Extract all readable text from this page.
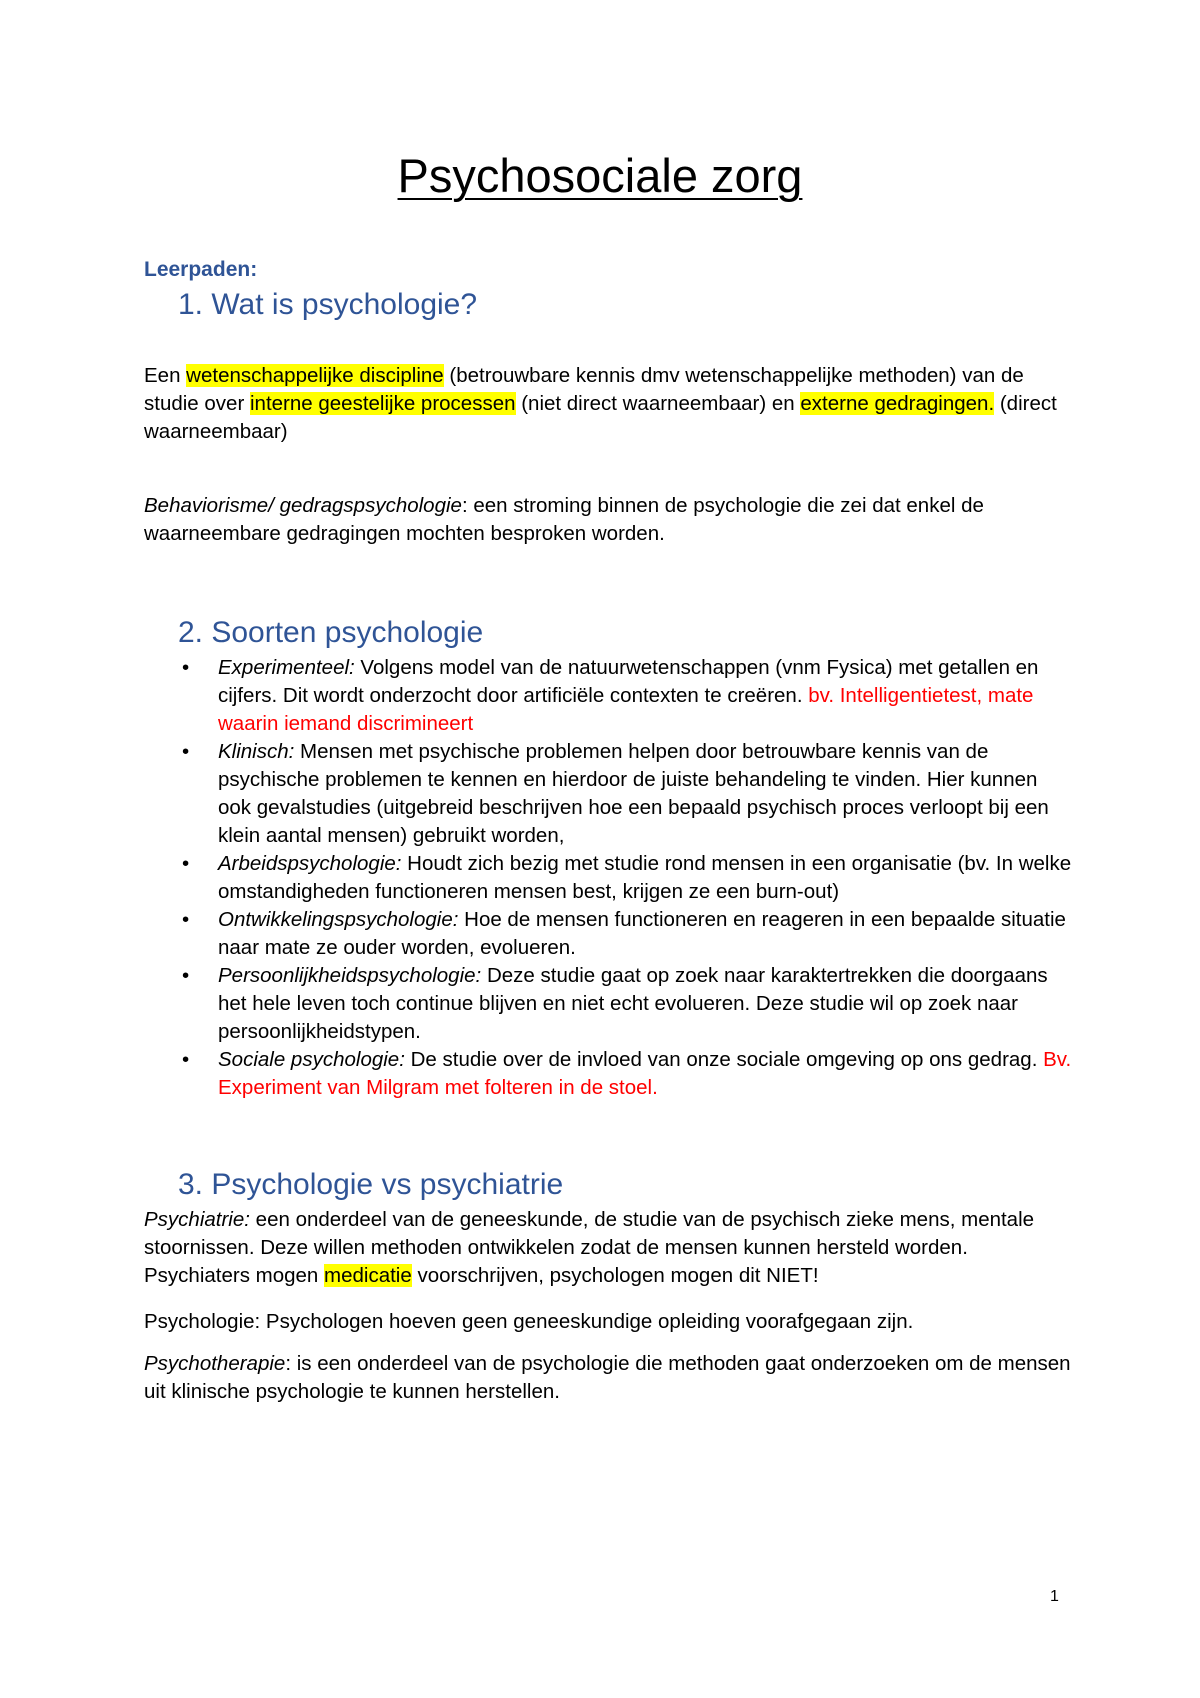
Psychosociale zorg
Leerpaden:
1. Wat is psychologie?

Een wetenschappelijke discipline (betrouwbare kennis dmv wetenschappelijke methoden) van de studie over interne geestelijke processen (niet direct waarneembaar) en externe gedragingen. (direct waarneembaar)

Behaviorisme/ gedragspsychologie: een stroming binnen de psychologie die zei dat enkel de waarneembare gedragingen mochten besproken worden.

2. Soorten psychologie
• Experimenteel: Volgens model van de natuurwetenschappen (vnm Fysica) met getallen en cijfers. Dit wordt onderzocht door artificiële contexten te creëren. bv. Intelligentietest, mate waarin iemand discrimineert
• Klinisch: Mensen met psychische problemen helpen door betrouwbare kennis van de psychische problemen te kennen en hierdoor de juiste behandeling te vinden. Hier kunnen ook gevalstudies (uitgebreid beschrijven hoe een bepaald psychisch proces verloopt bij een klein aantal mensen) gebruikt worden,
• Arbeidspsychologie: Houdt zich bezig met studie rond mensen in een organisatie (bv. In welke omstandigheden functioneren mensen best, krijgen ze een burn-out)
• Ontwikkelingspsychologie: Hoe de mensen functioneren en reageren in een bepaalde situatie naar mate ze ouder worden, evolueren.
• Persoonlijkheidspsychologie: Deze studie gaat op zoek naar karaktertrekken die doorgaans het hele leven toch continue blijven en niet echt evolueren. Deze studie wil op zoek naar persoonlijkheidstypen.
• Sociale psychologie: De studie over de invloed van onze sociale omgeving op ons gedrag. Bv. Experiment van Milgram met folteren in de stoel.
3. Psychologie vs psychiatrie

Psychiatrie: een onderdeel van de geneeskunde, de studie van de psychisch zieke mens, mentale stoornissen. Deze willen methoden ontwikkelen zodat de mensen kunnen hersteld worden. Psychiaters mogen medicatie voorschrijven, psychologen mogen dit NIET!

Psychologie: Psychologen hoeven geen geneeskundige opleiding voorafgegaan zijn.

Psychotherapie: is een onderdeel van de psychologie die methoden gaat onderzoeken om de mensen uit klinische psychologie te kunnen herstellen.

1
